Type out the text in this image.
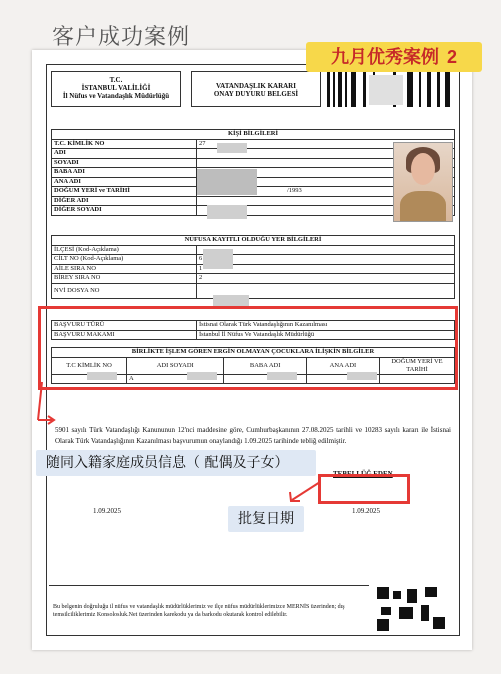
客户成功案例
T.C.
İSTANBUL VALİLİĞİ
İl Nüfus ve Vatandaşlık Müdürlüğü
VATANDAŞLIK KARARI
ONAY DUYURU BELGESİ
KİŞİ BİLGİLERİ	
T.C. KİMLİK NO	27
ADI	
SOYADI	
BABA ADI	
ANA ADI	
DOĞUM YERİ ve TARİHİ	/1993
DİĞER ADI	
DİĞER SOYADI	
NÜFUSA KAYITLI OLDUĞU YER BİLGİLERİ	
İLÇESİ (Kod-Açıklama)	
CİLT NO (Kod-Açıklama)	6
AİLE SIRA NO	1
BİREY SIRA NO	2
NVİ DOSYA NO	
BAŞVURU TÜRÜ	İstisnai Olarak Türk Vatandaşlığının Kazanılması
BAŞVURU MAKAMI	İstanbul İl Nüfus Ve Vatandaşlık Müdürlüğü
BİRLİKTE İŞLEM GÖREN ERGİN OLMAYAN ÇOCUKLARA İLİŞKİN BİLGİLER				
T.C KİMLİK NO	ADI SOYADI	BABA ADI	ANA ADI	DOĞUM YERİ VE TARİHİ
	A			
5901 sayılı Türk Vatandaşlığı Kanununun 12'nci maddesine göre, Cumhurbaşkanının 27.08.2025 tarihli ve 10283 sayılı kararı ile İstisnai Olarak Türk Vatandaşlığının Kazanılması başvurumun onaylandığı 1.09.2025 tarihinde tebliğ edilmiştir.
TEBELLÜĞ EDEN
1.09.2025	1.09.2025
Bu belgenin doğruluğu il nüfus ve vatandaşlık müdürlüklerimiz ve ilçe nüfus müdürlüklerimizce MERNİS üzerinden; dış temsilciliklerimiz Konsolosluk.Net üzerinden karekodu ya da barkodu okutarak kontrol edilebilir.
九月优秀案例 2
随同入籍家庭成员信息（ 配偶及子女）
批复日期
